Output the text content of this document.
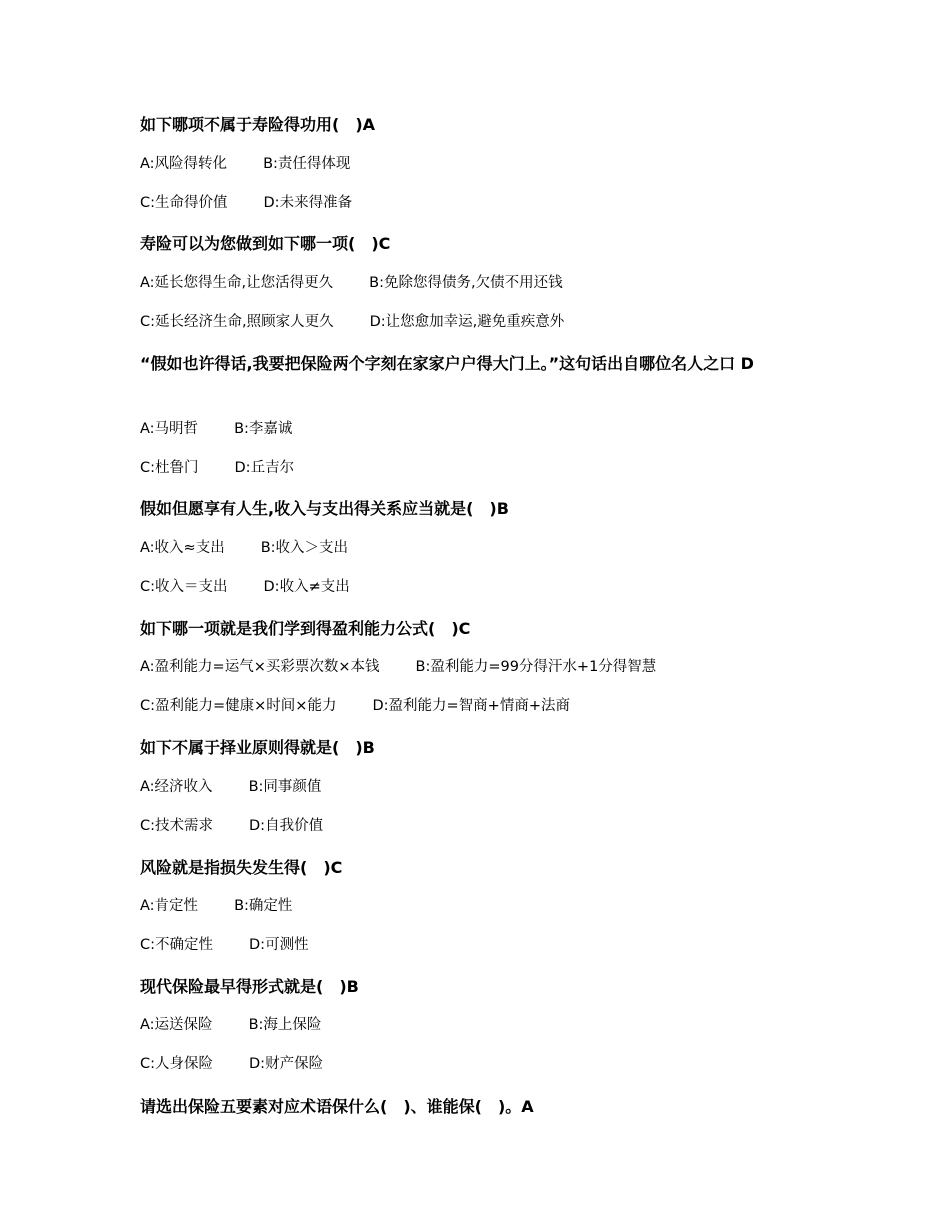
如下哪项不属于寿险得功用(　)A

A:风险得转化 B:责任得体现
C:生命得价值 D:未来得准备

寿险可以为您做到如下哪一项(　)C

A:延长您得生命,让您活得更久 B:免除您得债务,欠债不用还钱
C:延长经济生命,照顾家人更久 D:让您愈加幸运,避免重疾意外

“假如也许得话,我要把保险两个字刻在家家户户得大门上。”这句话出自哪位名人之口 D

A:马明哲 B:李嘉诚
C:杜鲁门 D:丘吉尔

假如但愿享有人生,收入与支出得关系应当就是(　)B

A:收入≈支出 B:收入＞支出
C:收入＝支出 D:收入≠支出

如下哪一项就是我们学到得盈利能力公式(　)C

A:盈利能力=运气×买彩票次数×本钱 B:盈利能力=99分得汗水+1分得智慧
C:盈利能力=健康×时间×能力 D:盈利能力=智商+情商+法商

如下不属于择业原则得就是(　)B

A:经济收入 B:同事颜值
C:技术需求 D:自我价值

风险就是指损失发生得(　)C

A:肯定性 B:确定性
C:不确定性 D:可测性

现代保险最早得形式就是(　)B

A:运送保险 B:海上保险
C:人身保险 D:财产保险

请选出保险五要素对应术语保什么(　)、谁能保(　)。A
